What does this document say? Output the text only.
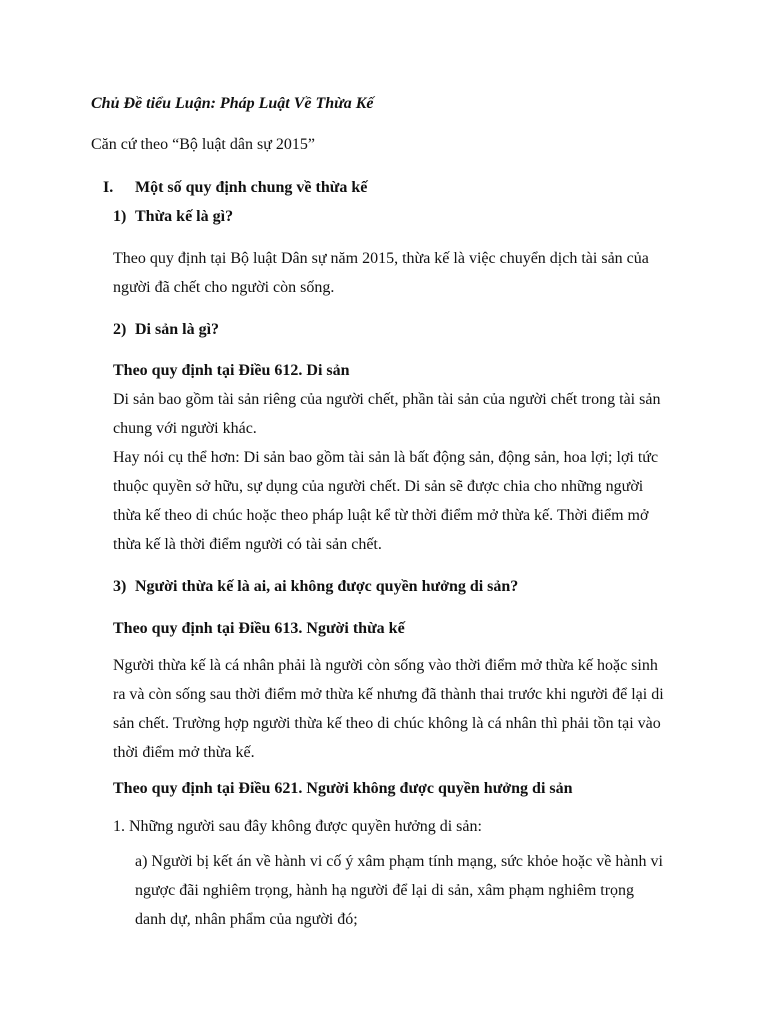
Chủ Đề tiểu Luận: Pháp Luật Về Thừa Kế
Căn cứ theo “Bộ luật dân sự 2015”
I. Một số quy định chung về thừa kế
1) Thừa kế là gì?
Theo quy định tại Bộ luật Dân sự năm 2015, thừa kế là việc chuyển dịch tài sản của
người đã chết cho người còn sống.
2) Di sản là gì?
Theo quy định tại Điều 612. Di sản
Di sản bao gồm tài sản riêng của người chết, phần tài sản của người chết trong tài sản
chung với người khác.
Hay nói cụ thể hơn: Di sản bao gồm tài sản là bất động sản, động sản, hoa lợi; lợi tức
thuộc quyền sở hữu, sự dụng của người chết. Di sản sẽ được chia cho những người
thừa kế theo di chúc hoặc theo pháp luật kể từ thời điểm mở thừa kế. Thời điểm mở
thừa kế là thời điểm người có tài sản chết.
3) Người thừa kế là ai, ai không được quyền hưởng di sản?
Theo quy định tại Điều 613. Người thừa kế
Người thừa kế là cá nhân phải là người còn sống vào thời điểm mở thừa kế hoặc sinh
ra và còn sống sau thời điểm mở thừa kế nhưng đã thành thai trước khi người để lại di
sản chết. Trường hợp người thừa kế theo di chúc không là cá nhân thì phải tồn tại vào
thời điểm mở thừa kế.
Theo quy định tại Điều 621. Người không được quyền hưởng di sản
1. Những người sau đây không được quyền hưởng di sản:
a) Người bị kết án về hành vi cố ý xâm phạm tính mạng, sức khỏe hoặc về hành vi
ngược đãi nghiêm trọng, hành hạ người để lại di sản, xâm phạm nghiêm trọng
danh dự, nhân phẩm của người đó;
